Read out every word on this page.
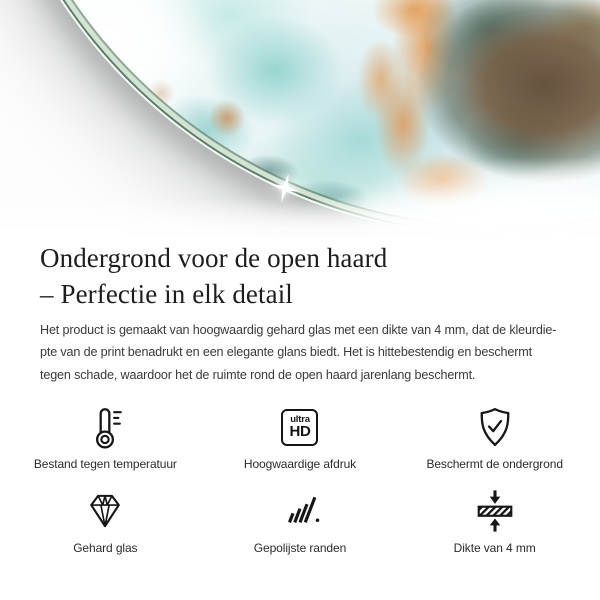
Ondergrond voor de open haard
– Perfectie in elk detail

Het product is gemaakt van hoogwaardig gehard glas met een dikte van 4 mm, dat de kleurdie-
pte van de print benadrukt en een elegante glans biedt. Het is hittebestendig en beschermt
tegen schade, waardoor het de ruimte rond de open haard jarenlang beschermt.

Bestand tegen temperatuur
ultra
HD
Hoogwaardige afdruk	Beschermt de ondergrond
Gehard glas	Gepolijste randen	Dikte van 4 mm
